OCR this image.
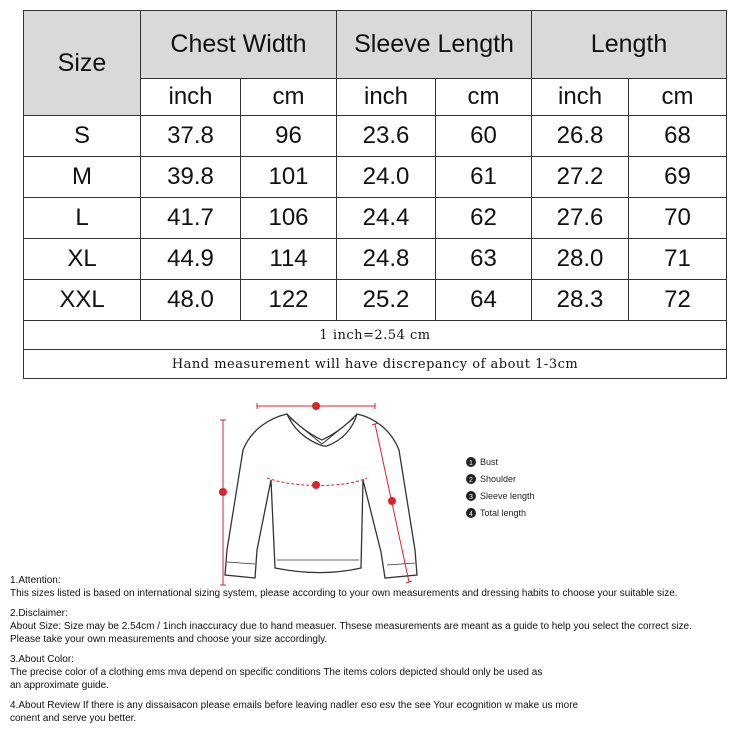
Size	Chest Width		Sleeve Length		Length	
	inch	cm	inch	cm	inch	cm
S	37.8	96	23.6	60	26.8	68
M	39.8	101	24.0	61	27.2	69
L	41.7	106	24.4	62	27.6	70
XL	44.9	114	24.8	63	28.0	71
XXL	48.0	122	25.2	64	28.3	72
1 inch=2.54 cm						
Hand measurement will have discrepancy of about 1-3cm						
1 Bust
2 Shoulder
3 Sleeve length
4 Total length

1.Attention:
This sizes listed is based on international sizing system, please according to your own measurements and dressing habits to choose your suitable size.

2.Disclaimer:
About Size: Size may be 2.54cm / 1inch inaccuracy due to hand measuer. Thsese measurements are meant as a guide to help you select the correct size.
Please take your own measurements and choose your size accordingly.

3.About Color:
The precise color of a clothing ems mva depend on specific conditions The items colors depicted should only be used as
an approximate guide.

4.About Review If there is any dissaisacon please emails before leaving nadler eso esv the see Your ecognition w make us more
conent and serve you better.
